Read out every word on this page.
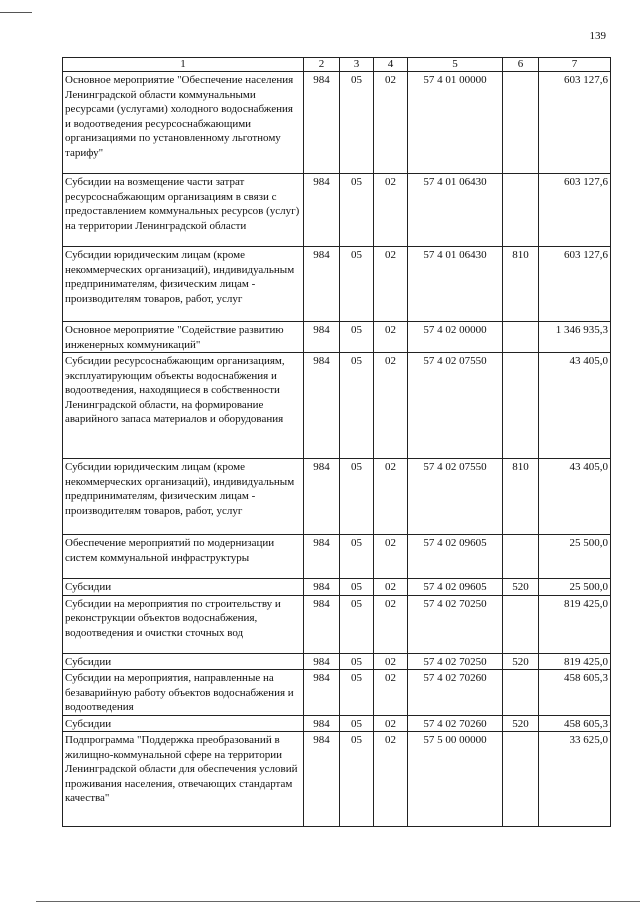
139
1	2	3	4	5	6	7
Основное мероприятие "Обеспечение населения Ленинградской области коммунальными ресурсами (услугами) холодного водоснабжения и водоотведения ресурсоснабжающими организациями по установленному льготному тарифу"	984	05	02	57 4 01 00000		603 127,6
Субсидии на возмещение части затрат ресурсоснабжающим организациям в связи с предоставлением коммунальных ресурсов (услуг) на территории Ленинградской области	984	05	02	57 4 01 06430		603 127,6
Субсидии юридическим лицам (кроме некоммерческих организаций), индивидуальным предпринимателям, физическим лицам - производителям товаров, работ, услуг	984	05	02	57 4 01 06430	810	603 127,6
Основное мероприятие "Содействие развитию инженерных коммуникаций"	984	05	02	57 4 02 00000		1 346 935,3
Субсидии ресурсоснабжающим организациям, эксплуатирующим объекты водоснабжения и водоотведения, находящиеся в собственности Ленинградской области, на формирование аварийного запаса материалов и оборудования	984	05	02	57 4 02 07550		43 405,0
Субсидии юридическим лицам (кроме некоммерческих организаций), индивидуальным предпринимателям, физическим лицам - производителям товаров, работ, услуг	984	05	02	57 4 02 07550	810	43 405,0
Обеспечение мероприятий по модернизации систем коммунальной инфраструктуры	984	05	02	57 4 02 09605		25 500,0
Субсидии	984	05	02	57 4 02 09605	520	25 500,0
Субсидии на мероприятия по строительству и реконструкции объектов водоснабжения, водоотведения и очистки сточных вод	984	05	02	57 4 02 70250		819 425,0
Субсидии	984	05	02	57 4 02 70250	520	819 425,0
Субсидии на мероприятия, направленные на безаварийную работу объектов водоснабжения и водоотведения	984	05	02	57 4 02 70260		458 605,3
Субсидии	984	05	02	57 4 02 70260	520	458 605,3
Подпрограмма "Поддержка преобразований в жилищно-коммунальной сфере на территории Ленинградской области для обеспечения условий проживания населения, отвечающих стандартам качества"	984	05	02	57 5 00 00000		33 625,0
